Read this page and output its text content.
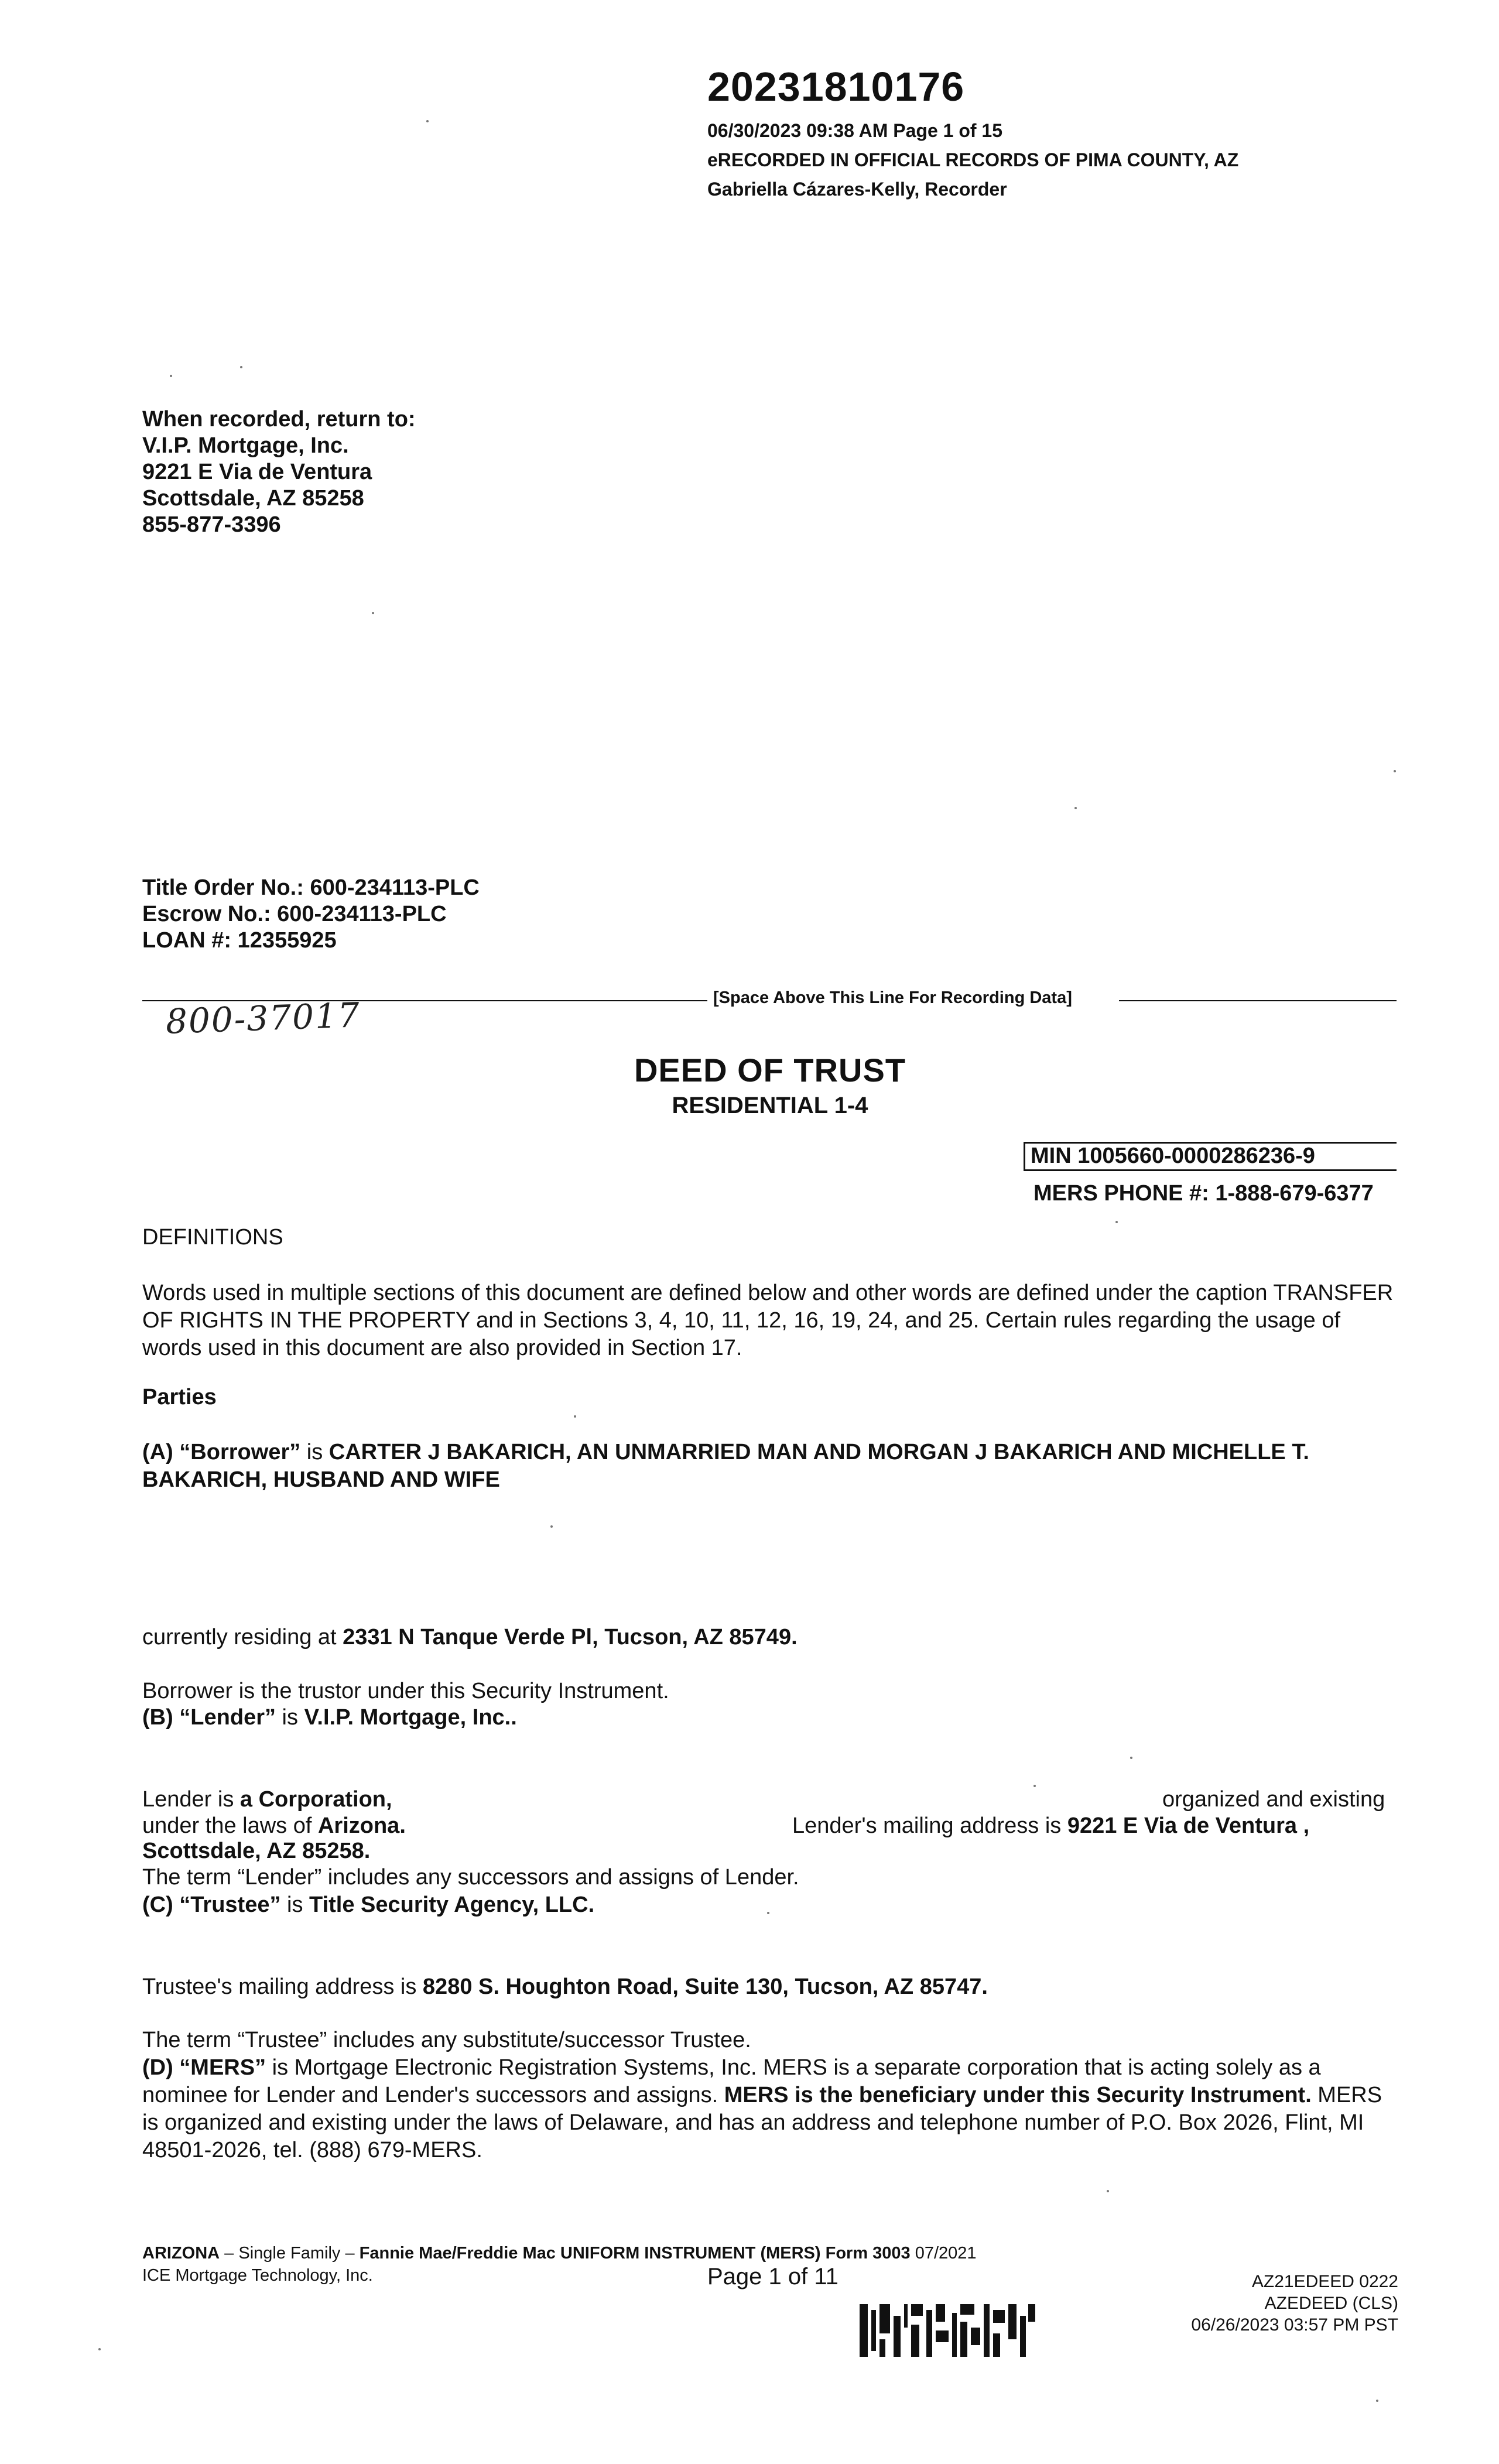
20231810176
06/30/2023 09:38 AM Page 1 of 15
eRECORDED IN OFFICIAL RECORDS OF PIMA COUNTY, AZ
Gabriella Cázares-Kelly, Recorder
When recorded, return to:
V.I.P. Mortgage, Inc.
9221 E Via de Ventura
Scottsdale, AZ 85258
855-877-3396
Title Order No.: 600-234113-PLC
Escrow No.: 600-234113-PLC
LOAN #: 12355925
[Space Above This Line For Recording Data]
800-37017
DEED OF TRUST
RESIDENTIAL 1-4
MIN 1005660-0000286236-9
MERS PHONE #: 1-888-679-6377
DEFINITIONS
Words used in multiple sections of this document are defined below and other words are defined under the caption TRANSFER OF RIGHTS IN THE PROPERTY and in Sections 3, 4, 10, 11, 12, 16, 19, 24, and 25. Certain rules regarding the usage of words used in this document are also provided in Section 17.
Parties
(A) “Borrower” is CARTER J BAKARICH, AN UNMARRIED MAN AND MORGAN J BAKARICH AND MICHELLE T. BAKARICH, HUSBAND AND WIFE
currently residing at 2331 N Tanque Verde Pl, Tucson, AZ 85749.
Borrower is the trustor under this Security Instrument.
(B) “Lender” is V.I.P. Mortgage, Inc..
Lender is a Corporation,	organized and existing
under the laws of Arizona.	Lender's mailing address is 9221 E Via de Ventura ,
Scottsdale, AZ 85258.
The term “Lender” includes any successors and assigns of Lender.
(C) “Trustee” is Title Security Agency, LLC.
Trustee's mailing address is 8280 S. Houghton Road, Suite 130, Tucson, AZ 85747.
The term “Trustee” includes any substitute/successor Trustee.
(D) “MERS” is Mortgage Electronic Registration Systems, Inc. MERS is a separate corporation that is acting solely as a nominee for Lender and Lender's successors and assigns. MERS is the beneficiary under this Security Instrument. MERS is organized and existing under the laws of Delaware, and has an address and telephone number of P.O. Box 2026, Flint, MI 48501-2026, tel. (888) 679-MERS.
ARIZONA – Single Family – Fannie Mae/Freddie Mac UNIFORM INSTRUMENT (MERS) Form 3003 07/2021
ICE Mortgage Technology, Inc.	Page 1 of 11	AZ21EDEED 0222
AZEDEED (CLS)
06/26/2023 03:57 PM PST
